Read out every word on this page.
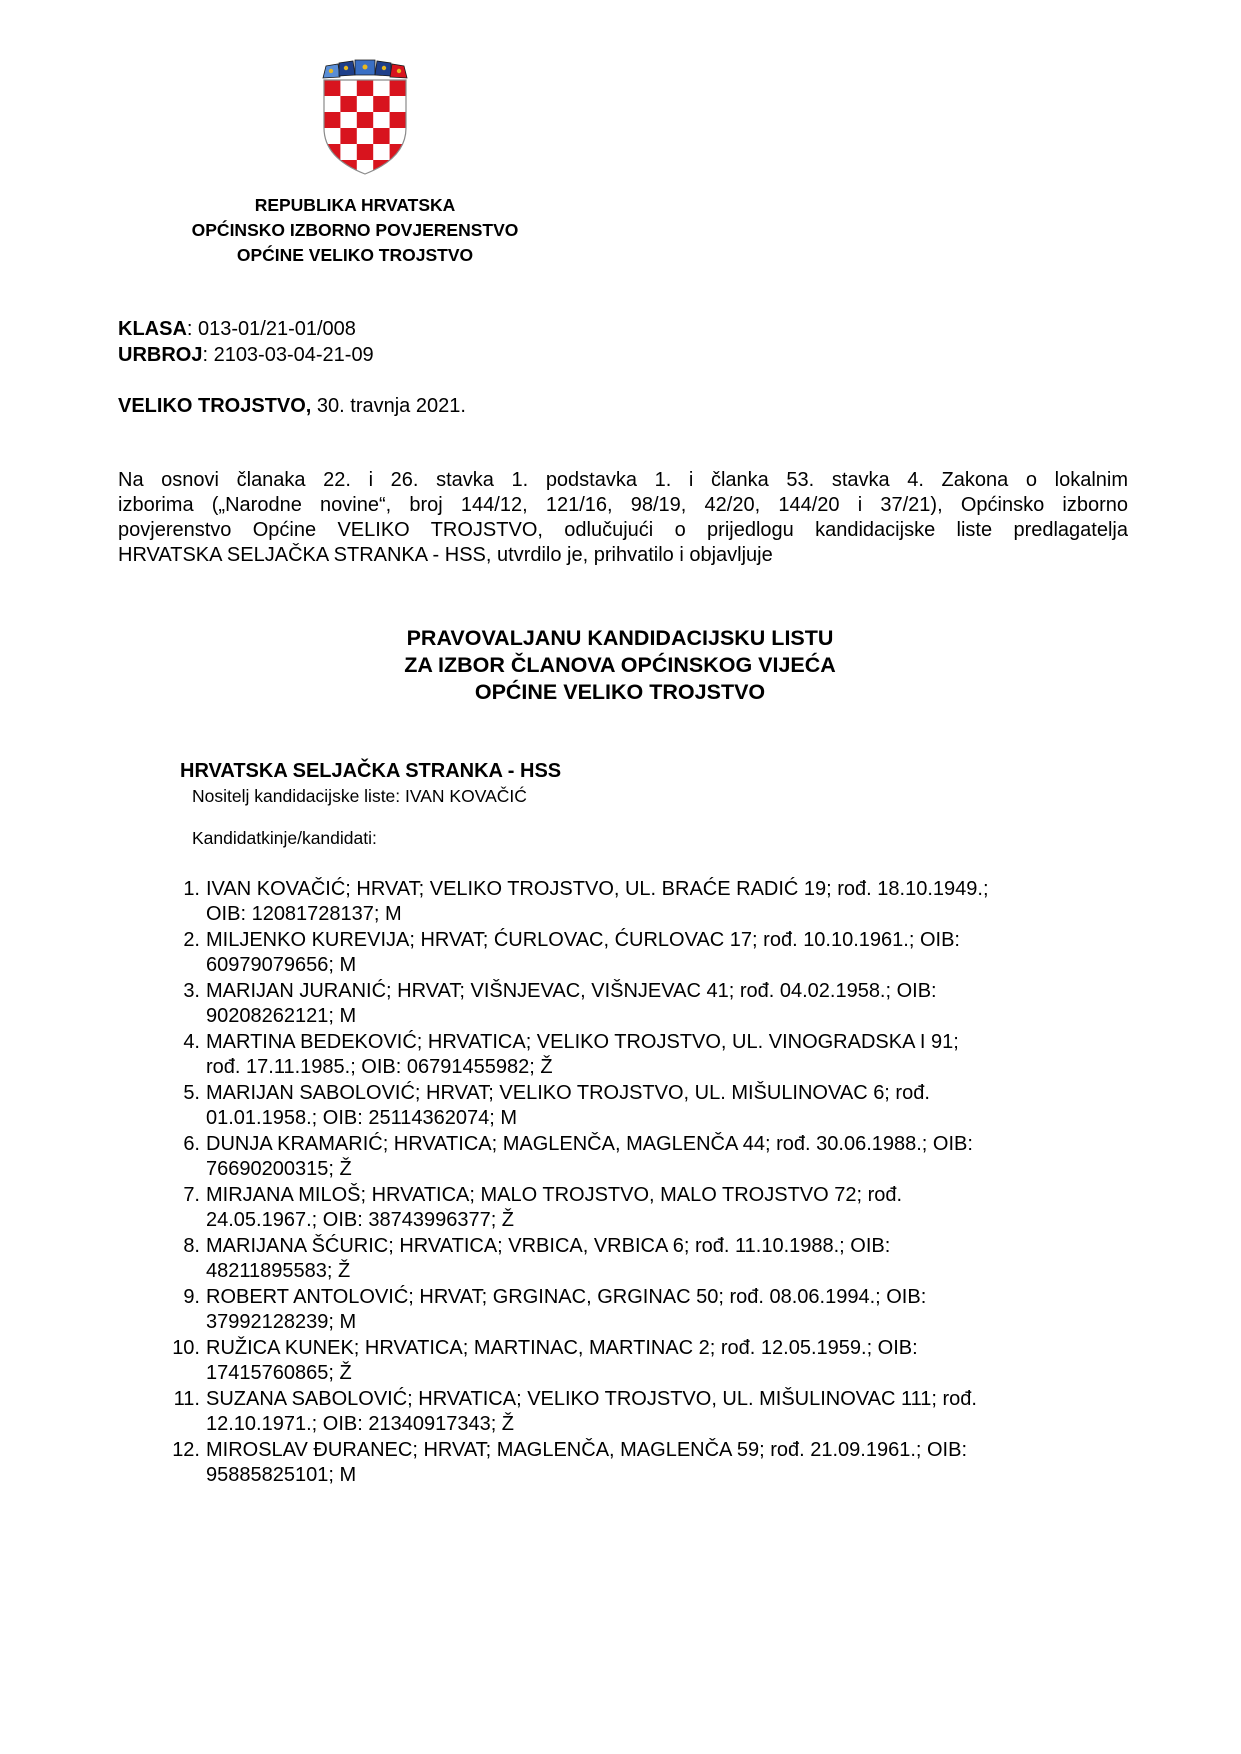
REPUBLIKA HRVATSKA
OPĆINSKO IZBORNO POVJERENSTVO
OPĆINE VELIKO TROJSTVO
KLASA: 013-01/21-01/008
URBROJ: 2103-03-04-21-09
VELIKO TROJSTVO, 30. travnja 2021.
Na osnovi članaka 22. i 26. stavka 1. podstavka 1. i članka 53. stavka 4. Zakona o lokalnim
izborima („Narodne novine“, broj 144/12, 121/16, 98/19, 42/20, 144/20 i 37/21), Općinsko izborno
povjerenstvo Općine VELIKO TROJSTVO, odlučujući o prijedlogu kandidacijske liste predlagatelja
HRVATSKA SELJAČKA STRANKA - HSS, utvrdilo je, prihvatilo i objavljuje
PRAVOVALJANU KANDIDACIJSKU LISTU
ZA IZBOR ČLANOVA OPĆINSKOG VIJEĆA
OPĆINE VELIKO TROJSTVO
HRVATSKA SELJAČKA STRANKA - HSS
Nositelj kandidacijske liste: IVAN KOVAČIĆ
Kandidatkinje/kandidati:
1. IVAN KOVAČIĆ; HRVAT; VELIKO TROJSTVO, UL. BRAĆE RADIĆ 19; rođ. 18.10.1949.;
OIB: 12081728137; M
2. MILJENKO KUREVIJA; HRVAT; ĆURLOVAC, ĆURLOVAC 17; rođ. 10.10.1961.; OIB:
60979079656; M
3. MARIJAN JURANIĆ; HRVAT; VIŠNJEVAC, VIŠNJEVAC 41; rođ. 04.02.1958.; OIB:
90208262121; M
4. MARTINA BEDEKOVIĆ; HRVATICA; VELIKO TROJSTVO, UL. VINOGRADSKA I 91;
rođ. 17.11.1985.; OIB: 06791455982; Ž
5. MARIJAN SABOLOVIĆ; HRVAT; VELIKO TROJSTVO, UL. MIŠULINOVAC 6; rođ.
01.01.1958.; OIB: 25114362074; M
6. DUNJA KRAMARIĆ; HRVATICA; MAGLENČA, MAGLENČA 44; rođ. 30.06.1988.; OIB:
76690200315; Ž
7. MIRJANA MILOŠ; HRVATICA; MALO TROJSTVO, MALO TROJSTVO 72; rođ.
24.05.1967.; OIB: 38743996377; Ž
8. MARIJANA ŠĆURIC; HRVATICA; VRBICA, VRBICA 6; rođ. 11.10.1988.; OIB:
48211895583; Ž
9. ROBERT ANTOLOVIĆ; HRVAT; GRGINAC, GRGINAC 50; rođ. 08.06.1994.; OIB:
37992128239; M
10. RUŽICA KUNEK; HRVATICA; MARTINAC, MARTINAC 2; rođ. 12.05.1959.; OIB:
17415760865; Ž
11. SUZANA SABOLOVIĆ; HRVATICA; VELIKO TROJSTVO, UL. MIŠULINOVAC 111; rođ.
12.10.1971.; OIB: 21340917343; Ž
12. MIROSLAV ĐURANEC; HRVAT; MAGLENČA, MAGLENČA 59; rođ. 21.09.1961.; OIB:
95885825101; M
